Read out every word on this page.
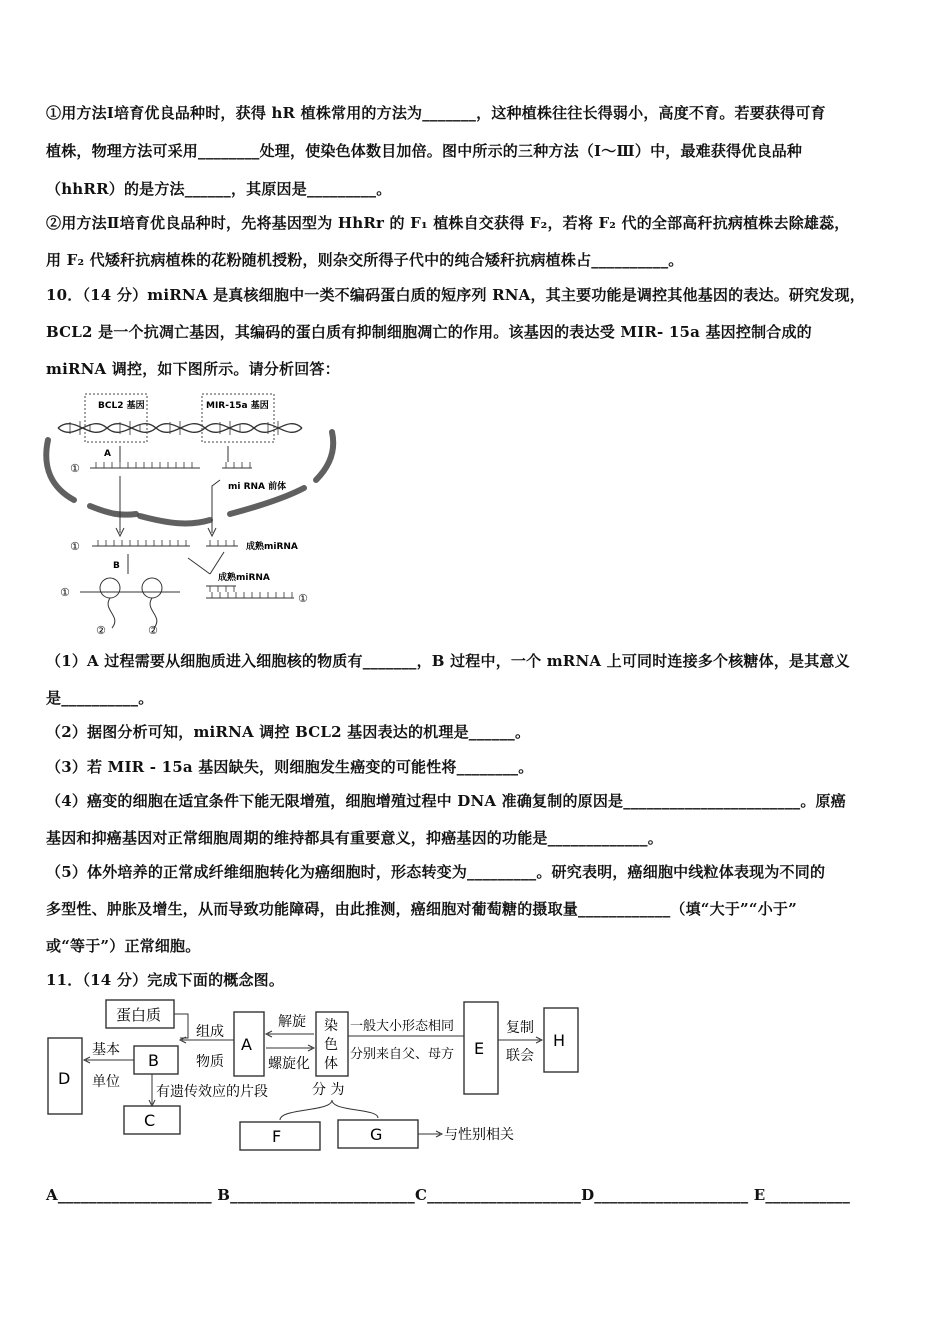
①用方法Ⅰ培育优良品种时，获得 hR 植株常用的方法为_______，这种植株往往长得弱小，高度不育。若要获得可育
植株，物理方法可采用________处理，使染色体数目加倍。图中所示的三种方法（Ⅰ～Ⅲ）中，最难获得优良品种
（hhRR）的是方法______，其原因是_________。
②用方法Ⅱ培育优良品种时，先将基因型为 HhRr 的 F₁ 植株自交获得 F₂，若将 F₂ 代的全部高秆抗病植株去除雄蕊，
用 F₂ 代矮秆抗病植株的花粉随机授粉，则杂交所得子代中的纯合矮秆抗病植株占__________。
10．（14 分）miRNA 是真核细胞中一类不编码蛋白质的短序列 RNA，其主要功能是调控其他基因的表达。研究发现，
BCL2 是一个抗凋亡基因，其编码的蛋白质有抑制细胞凋亡的作用。该基因的表达受 MIR- 15a 基因控制合成的
miRNA 调控，如下图所示。请分析回答：
BCL2 基因	MIR-15a 基因
A
①
mi RNA 前体
①	成熟miRNA
成熟miRNA
B
①
②	②
①
（1）A 过程需要从细胞质进入细胞核的物质有_______，B 过程中，一个 mRNA 上可同时连接多个核糖体，是其意义
是__________。
（2）据图分析可知，miRNA 调控 BCL2 基因表达的机理是______。
（3）若 MIR - 15a 基因缺失，则细胞发生癌变的可能性将________。
（4）癌变的细胞在适宜条件下能无限增殖，细胞增殖过程中 DNA 准确复制的原因是_______________________。原癌
基因和抑癌基因对正常细胞周期的维持都具有重要意义，抑癌基因的功能是_____________。
（5）体外培养的正常成纤维细胞转化为癌细胞时，形态转变为_________。研究表明，癌细胞中线粒体表现为不同的
多型性、肿胀及增生，从而导致功能障碍，由此推测，癌细胞对葡萄糖的摄取量____________（填“大于”“小于”
或“等于”）正常细胞。
11．（14 分）完成下面的概念图。
蛋白质
D
B
C
A
染
色
体
E	H
F	G
组成
物质
基本
单位
有遗传效应的片段
解旋
螺旋化
一般大小形态相同
分别来自父、母方
复制
联会
分 为
与性别相关
A____________________ B________________________C____________________D____________________ E___________
